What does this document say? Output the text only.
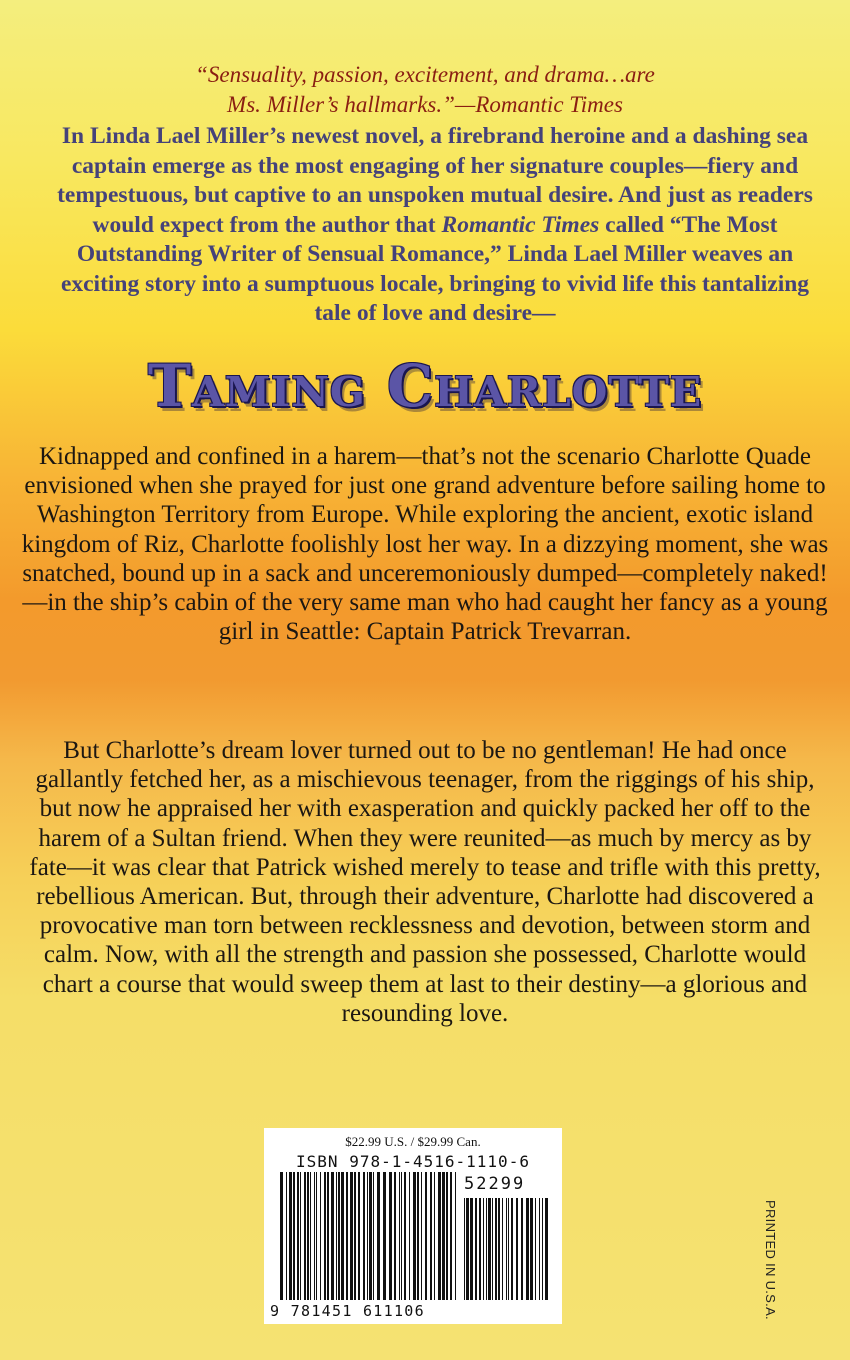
“Sensuality, passion, excitement, and drama…are
Ms. Miller’s hallmarks.”—Romantic Times
In Linda Lael Miller’s newest novel, a firebrand heroine and a dashing sea captain emerge as the most engaging of her signature couples—fiery and tempestuous, but captive to an unspoken mutual desire. And just as readers would expect from the author that Romantic Times called “The Most Outstanding Writer of Sensual Romance,” Linda Lael Miller weaves an exciting story into a sumptuous locale, bringing to vivid life this tantalizing tale of love and desire—
Taming Charlotte
Kidnapped and confined in a harem—that’s not the scenario Charlotte Quade envisioned when she prayed for just one grand adventure before sailing home to Washington Territory from Europe. While exploring the ancient, exotic island kingdom of Riz, Charlotte foolishly lost her way. In a dizzying moment, she was snatched, bound up in a sack and unceremoniously dumped—completely naked!—in the ship’s cabin of the very same man who had caught her fancy as a young girl in Seattle: Captain Patrick Trevarran.
But Charlotte’s dream lover turned out to be no gentleman! He had once gallantly fetched her, as a mischievous teenager, from the riggings of his ship, but now he appraised her with exasperation and quickly packed her off to the harem of a Sultan friend. When they were reunited—as much by mercy as by fate—it was clear that Patrick wished merely to tease and trifle with this pretty, rebellious American. But, through their adventure, Charlotte had discovered a provocative man torn between recklessness and devotion, between storm and calm. Now, with all the strength and passion she possessed, Charlotte would chart a course that would sweep them at last to their destiny—a glorious and resounding love.
$22.99 U.S. / $29.99 Can.
ISBN 978-1-4516-1110-6
52299
9 781451 611106	PRINTED IN U.S.A.
